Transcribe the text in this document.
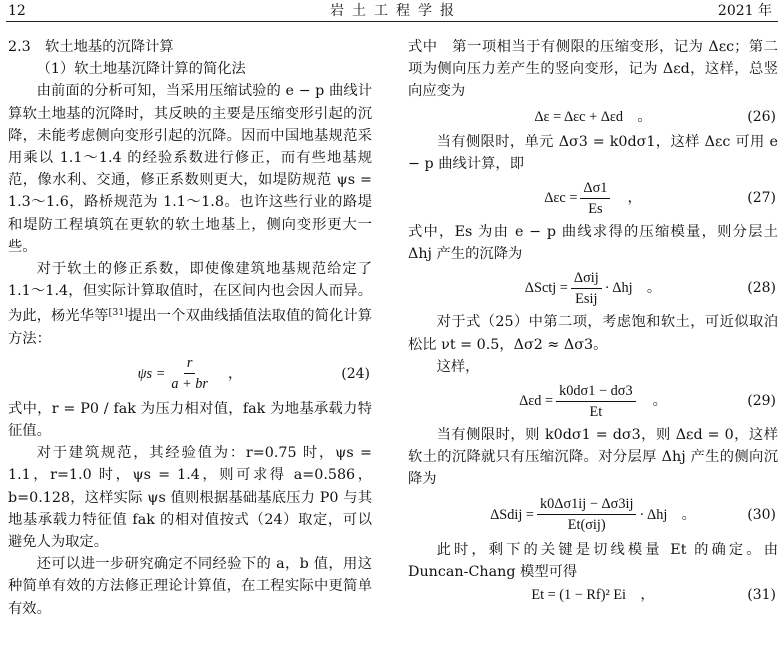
12	岩土工程学报	2021 年

2.3　软土地基的沉降计算

（1）软土地基沉降计算的简化法

由前面的分析可知，当采用压缩试验的 e − p 曲线计算软土地基的沉降时，其反映的主要是压缩变形引起的沉降，未能考虑侧向变形引起的沉降。因而中国地基规范采用乘以 1.1～1.4 的经验系数进行修正，而有些地基规范，像水利、交通，修正系数则更大，如堤防规范 ψs = 1.3～1.6，路桥规范为 1.1～1.8。也许这些行业的路堤和堤防工程填筑在更软的软土地基上，侧向变形更大一些。

对于软土的修正系数，即使像建筑地基规范给定了 1.1～1.4，但实际计算取值时，在区间内也会因人而异。为此，杨光华等[31]提出一个双曲线插值法取值的简化计算方法：

$\psi s = \frac{r}{a + br}$ ，	(24)

式中，r = P0 / fak 为压力相对值，fak 为地基承载力特征值。

对于建筑规范，其经验值为：r=0.75 时，ψs = 1.1，r=1.0 时，ψs = 1.4，则可求得 a=0.586，b=0.128，这样实际 ψs 值则根据基础基底压力 P0 与其地基承载力特征值 fak 的相对值按式（24）取定，可以避免人为取定。

还可以进一步研究确定不同经验下的 a，b 值，用这种简单有效的方法修正理论计算值，在工程实际中更简单有效。

式中　第一项相当于有侧限的压缩变形，记为 Δεc；第二项为侧向压力差产生的竖向变形，记为 Δεd，这样，总竖向应变为

Δε = Δεc + Δεd　。	(26)

当有侧限时，单元 Δσ3 = k0dσ1，这样 Δεc 可用 e − p 曲线计算，即

$\Delta\varepsilon c = \frac{\Delta\sigma 1}{Es}$ ，	(27)

式中，Es 为由 e − p 曲线求得的压缩模量，则分层土 Δhj 产生的沉降为

ΔSctj = $\frac{\text{Δσij}}{\text{Esij}} \cdot \Delta hj$　。	(28)

对于式（25）中第二项，考虑饱和软土，可近似取泊松比 νt = 0.5，Δσ2 ≈ Δσ3。

这样，

$\Delta\varepsilon d = \frac{k0d\sigma 1 - d\sigma 3}{Et}$ 。	(29)

当有侧限时，则 k0dσ1 = dσ3，则 Δεd = 0，这样软土的沉降就只有压缩沉降。对分层厚 Δhj 产生的侧向沉降为

ΔSdij = $\frac{k0\Delta\sigma 1ij - \Delta\sigma 3ij}{\text{Et(σij)}} \cdot \Delta hj$　。	(30)

此时，剩下的关键是切线模量 Et 的确定。由 Duncan-Chang 模型可得

Et = (1 − Rf)² Ei　，	(31)
